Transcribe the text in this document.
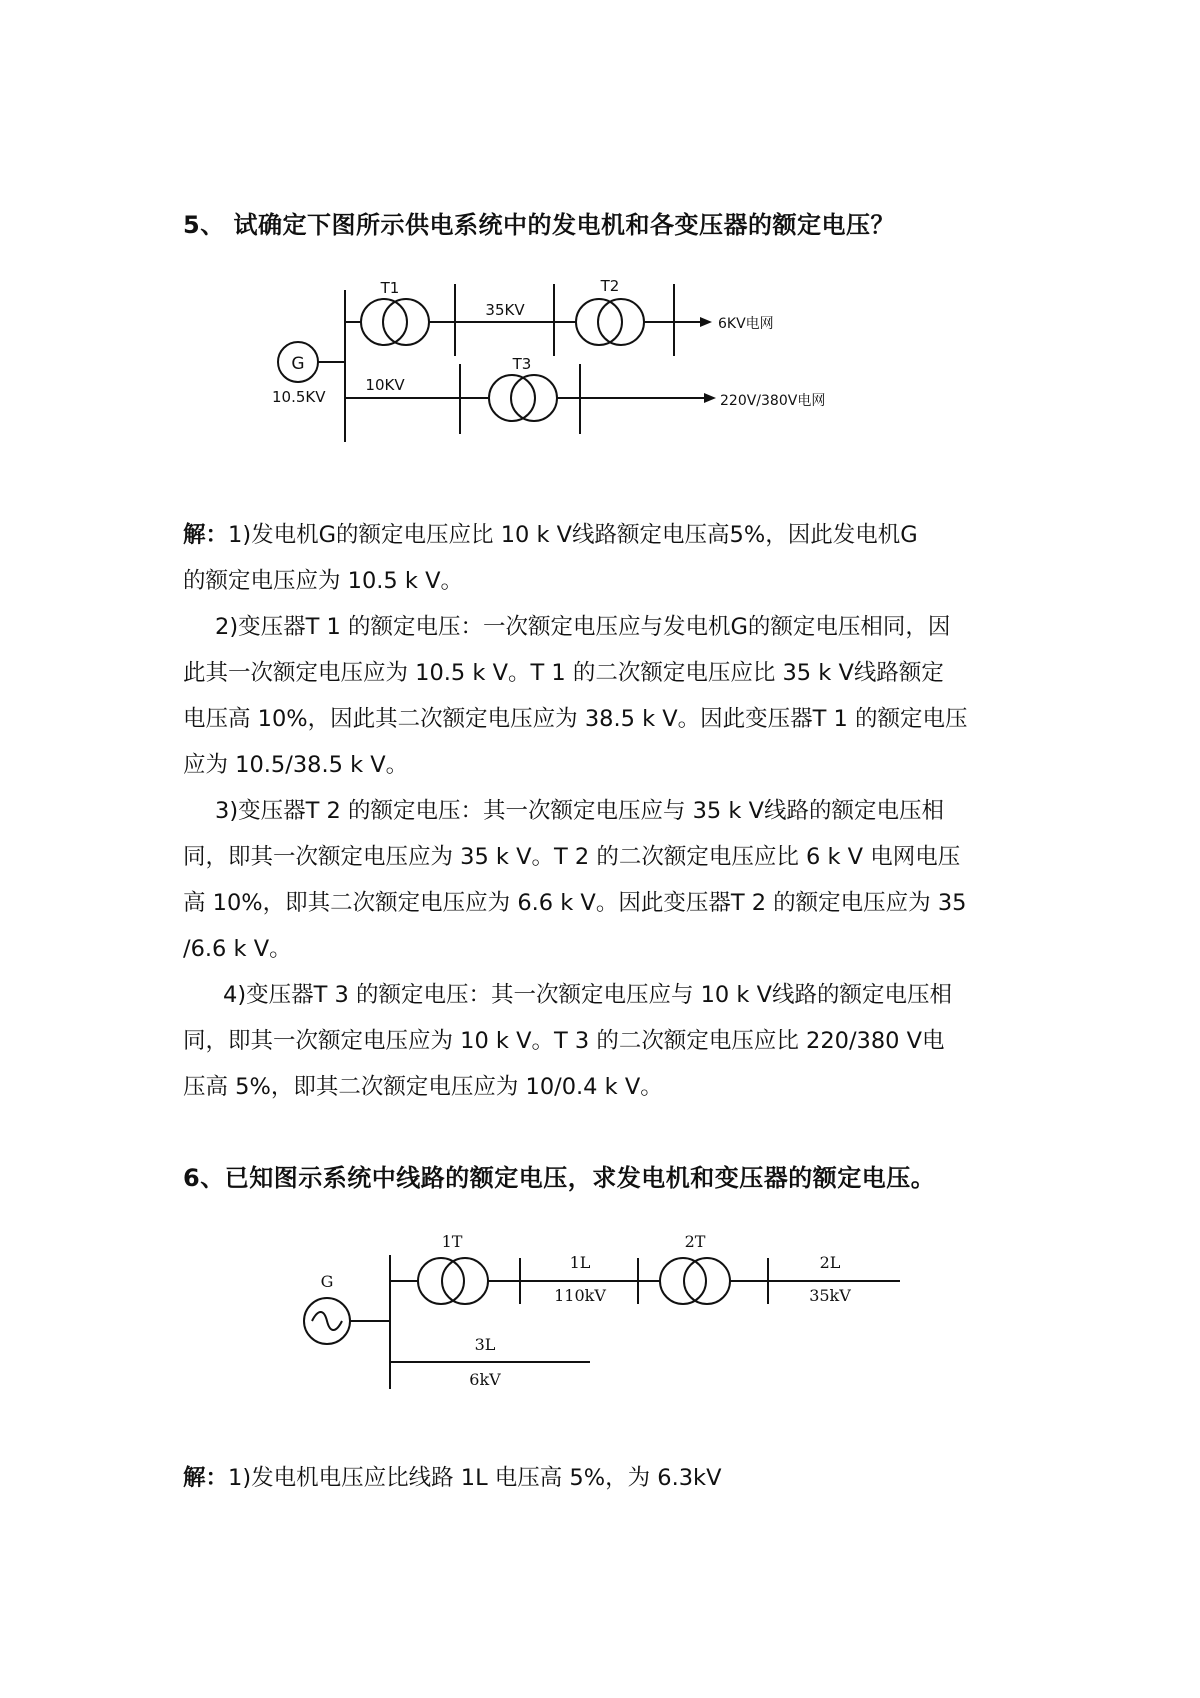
5、 试确定下图所示供电系统中的发电机和各变压器的额定电压？
G
10.5KV
T1
35KV
T2
6KV电网
10KV
T3
220V/380V电网
解：1)发电机G的额定电压应比 10 k V线路额定电压高5%，因此发电机G
的额定电压应为 10.5 k V。
2)变压器T 1 的额定电压：一次额定电压应与发电机G的额定电压相同，因
此其一次额定电压应为 10.5 k V。T 1 的二次额定电压应比 35 k V线路额定
电压高 10%，因此其二次额定电压应为 38.5 k V。因此变压器T 1 的额定电压
应为 10.5/38.5 k V。
3)变压器T 2 的额定电压：其一次额定电压应与 35 k V线路的额定电压相
同，即其一次额定电压应为 35 k V。T 2 的二次额定电压应比 6 k V 电网电压
高 10%，即其二次额定电压应为 6.6 k V。因此变压器T 2 的额定电压应为 35
/6.6 k V。
4)变压器T 3 的额定电压：其一次额定电压应与 10 k V线路的额定电压相
同，即其一次额定电压应为 10 k V。T 3 的二次额定电压应比 220/380 V电
压高 5%，即其二次额定电压应为 10/0.4 k V。
6、已知图示系统中线路的额定电压，求发电机和变压器的额定电压。
G
1T
1L
110kV
2T
2L
35kV
3L
6kV
解：1)发电机电压应比线路 1L 电压高 5%，为 6.3kV
